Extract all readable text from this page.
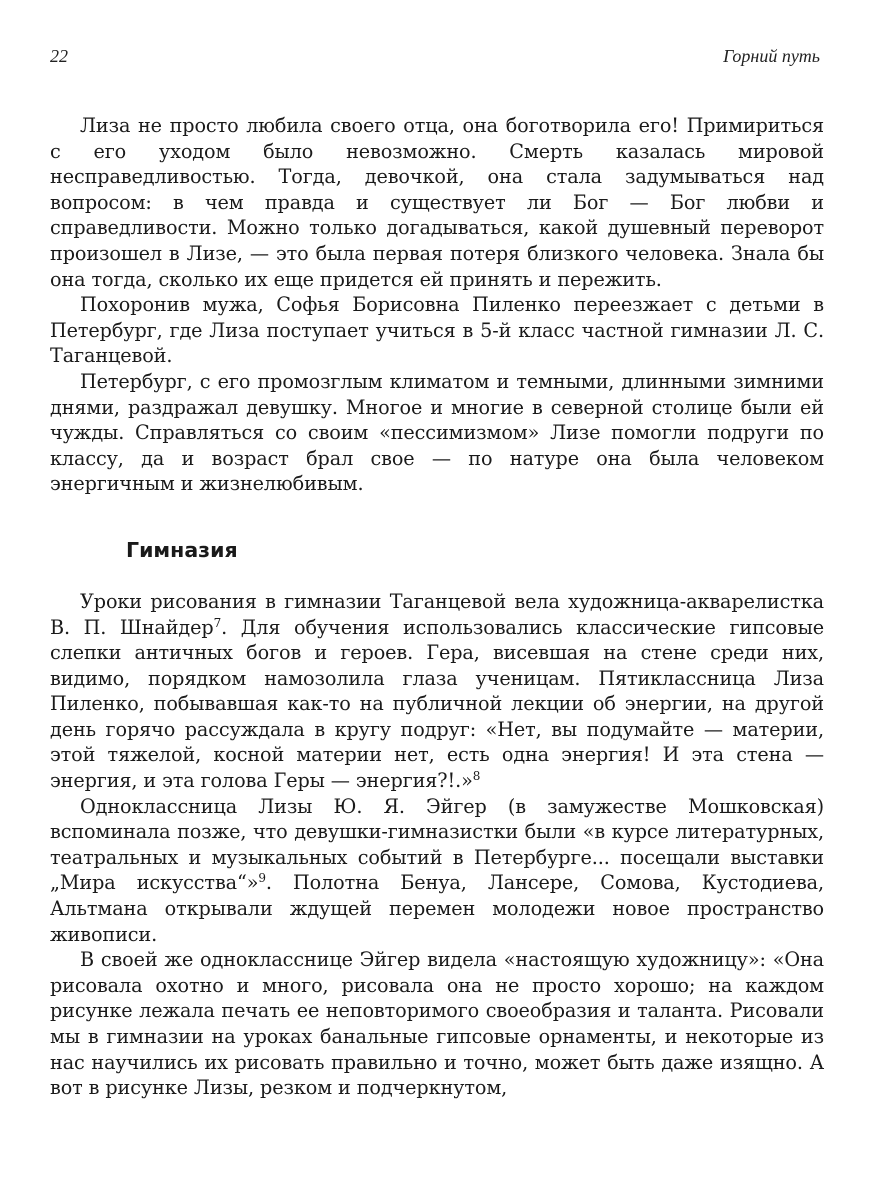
22	Горний путь

Лиза не просто любила своего отца, она боготворила его! Примириться с его уходом было невозможно. Смерть казалась мировой несправедливостью. Тогда, девочкой, она стала задумываться над вопросом: в чем правда и существует ли Бог — Бог любви и справедливости. Можно только догадываться, какой душевный переворот произошел в Лизе, — это была первая потеря близкого человека. Знала бы она тогда, сколько их еще придется ей принять и пережить.

Похоронив мужа, Софья Борисовна Пиленко переезжает с детьми в Петербург, где Лиза поступает учиться в 5-й класс частной гимназии Л. С. Таганцевой.

Петербург, с его промозглым климатом и темными, длинными зимними днями, раздражал девушку. Многое и многие в северной столице были ей чужды. Справляться со своим «пессимизмом» Лизе помогли подруги по классу, да и возраст брал свое — по натуре она была человеком энергичным и жизнелюбивым.

Гимназия

Уроки рисования в гимназии Таганцевой вела художница-акварелистка В. П. Шнайдер$^7$. Для обучения использовались классические гипсовые слепки античных богов и героев. Гера, висевшая на стене среди них, видимо, порядком намозолила глаза ученицам. Пятиклассница Лиза Пиленко, побывавшая как-то на публичной лекции об энергии, на другой день горячо рассуждала в кругу подруг: «Нет, вы подумайте — материи, этой тяжелой, косной материи нет, есть одна энергия! И эта стена — энергия, и эта голова Геры — энергия?!.»$^8$

Одноклассница Лизы Ю. Я. Эйгер (в замужестве Мошковская) вспоминала позже, что девушки-гимназистки были «в курсе литературных, театральных и музыкальных событий в Петербурге... посещали выставки „Мира искусства“»$^9$. Полотна Бенуа, Лансере, Сомова, Кустодиева, Альтмана открывали ждущей перемен молодежи новое пространство живописи.

В своей же однокласснице Эйгер видела «настоящую художницу»: «Она рисовала охотно и много, рисовала она не просто хорошо; на каждом рисунке лежала печать ее неповторимого своеобразия и таланта. Рисовали мы в гимназии на уроках банальные гипсовые орнаменты, и некоторые из нас научились их рисовать правильно и точно, может быть даже изящно. А вот в рисунке Лизы, резком и подчеркнутом,
